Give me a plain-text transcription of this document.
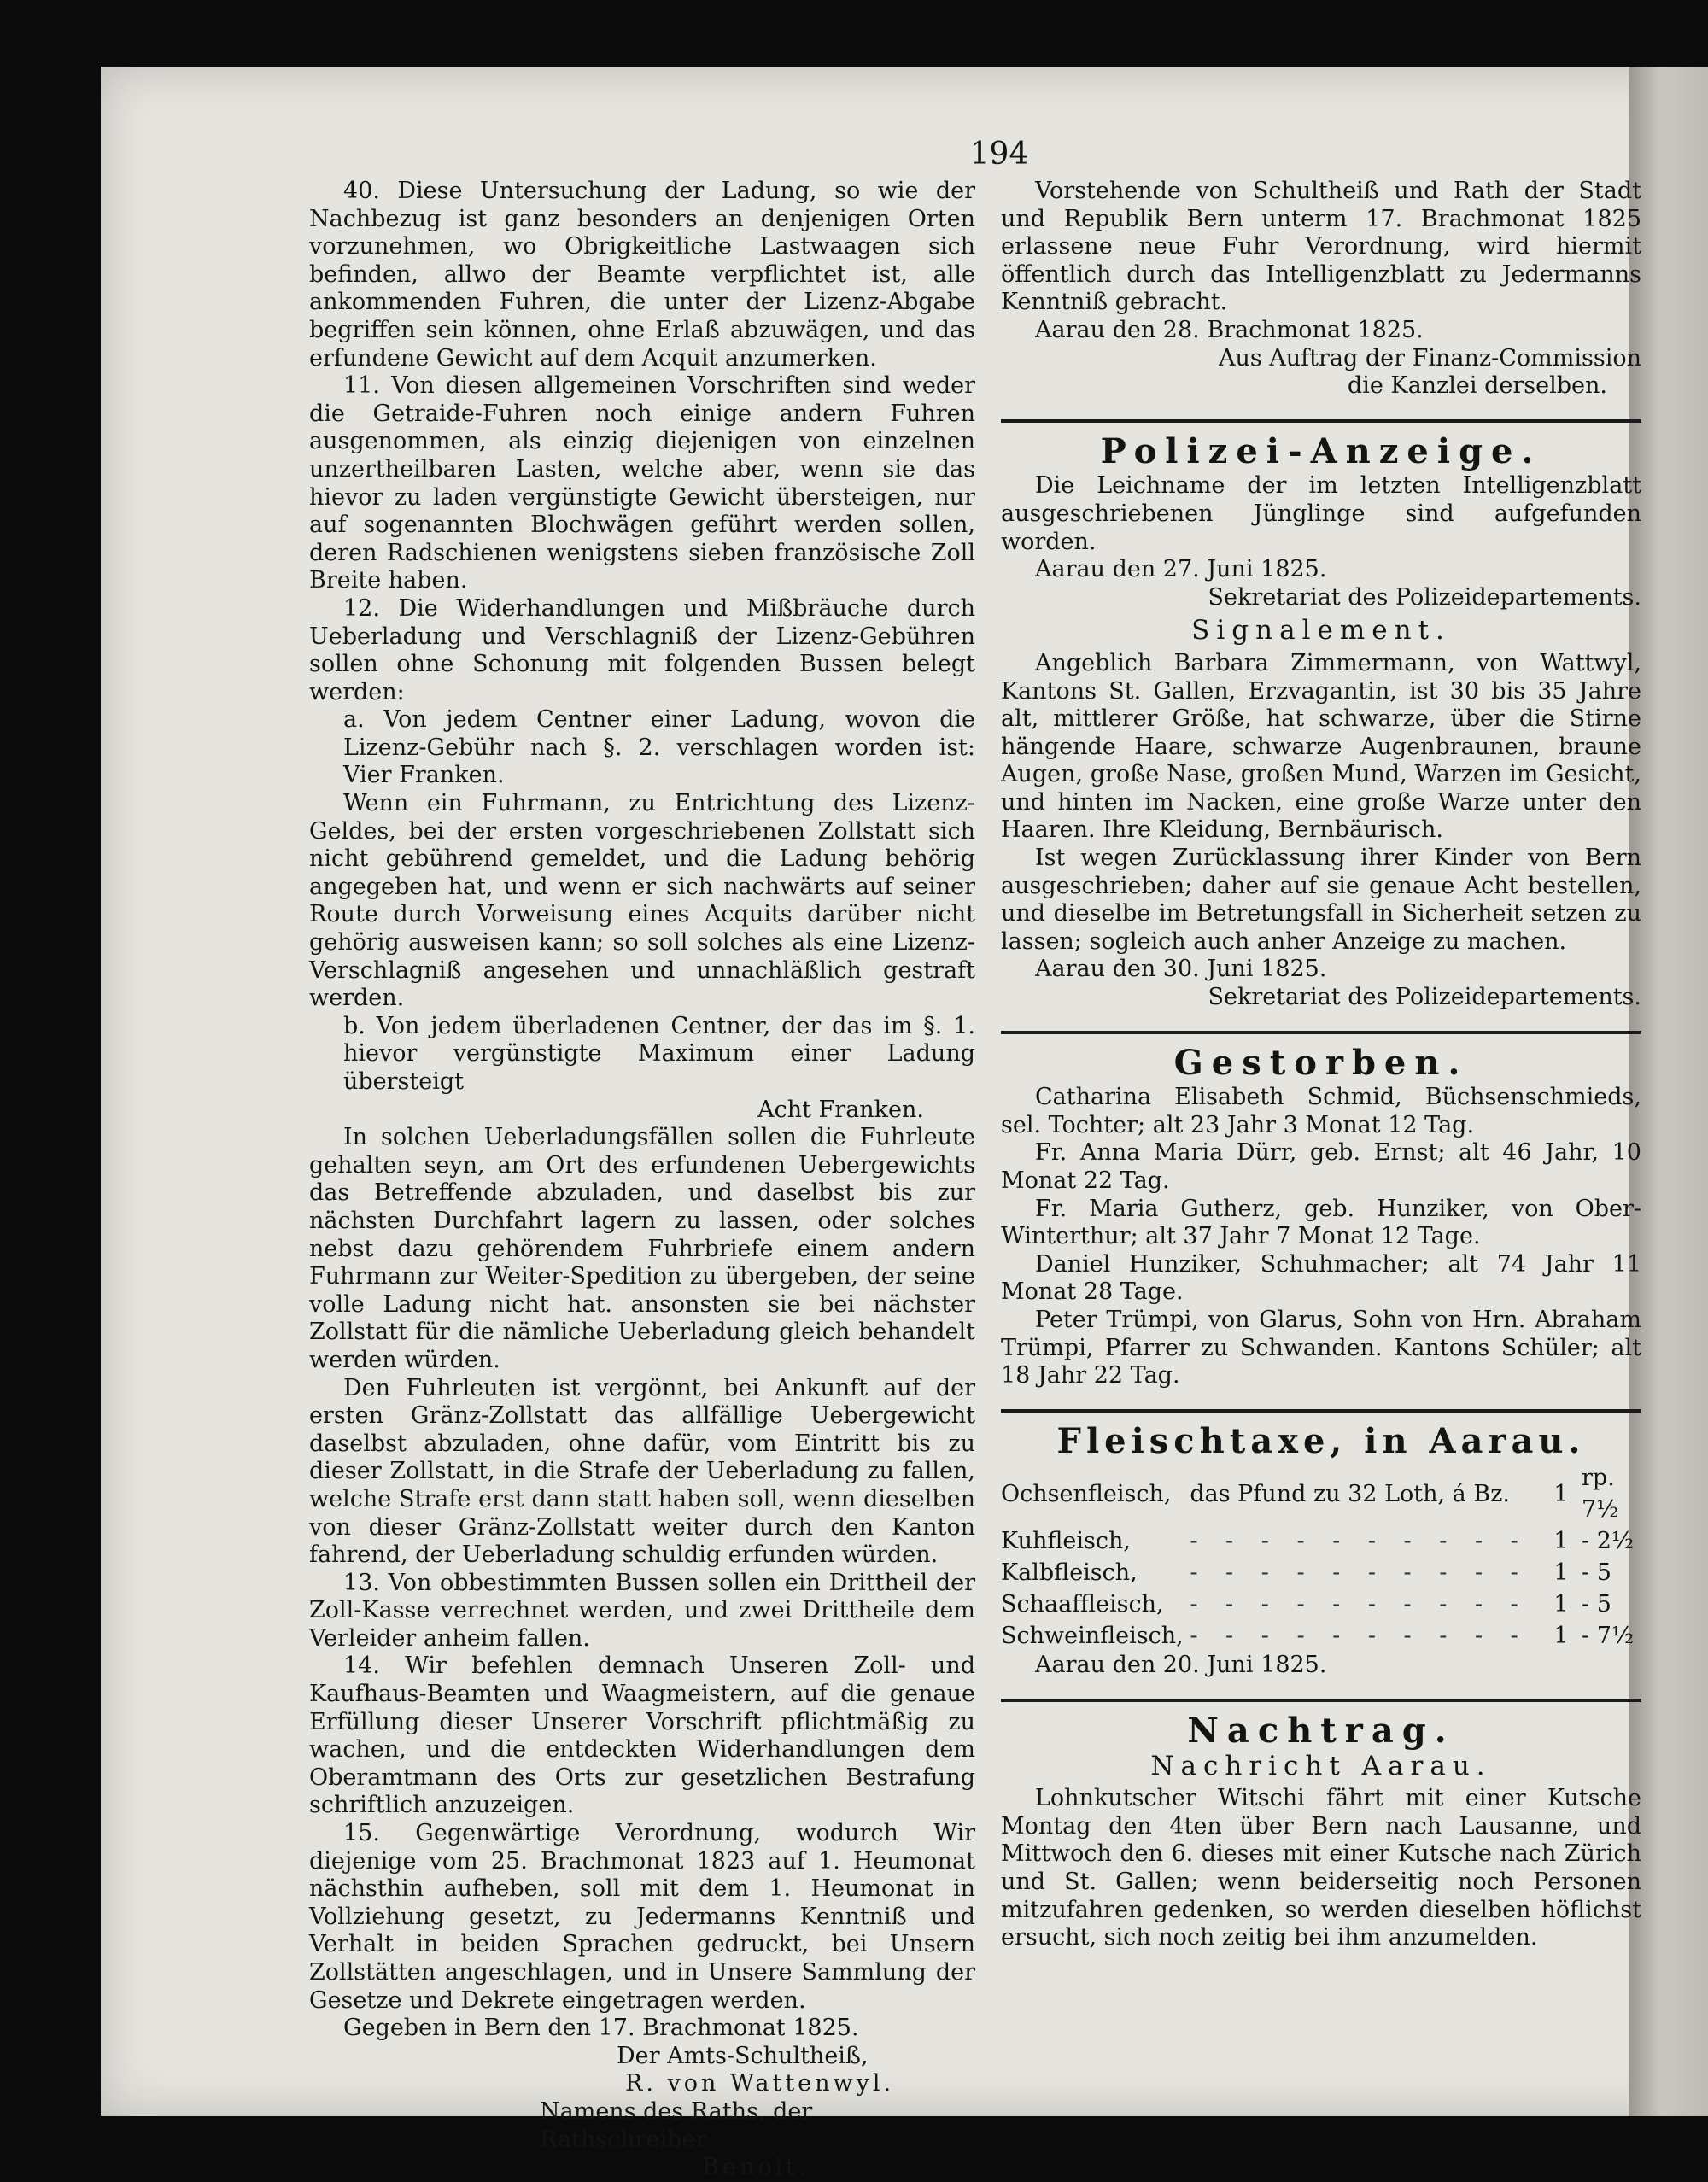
194

40. Diese Untersuchung der Ladung, so wie der Nachbezug ist ganz besonders an denjenigen Orten vorzunehmen, wo Obrigkeitliche Lastwaagen sich befinden, allwo der Beamte verpflichtet ist, alle ankommenden Fuhren, die unter der Lizenz-Abgabe begriffen sein können, ohne Erlaß abzuwägen, und das erfundene Gewicht auf dem Acquit anzumerken.

11. Von diesen allgemeinen Vorschriften sind weder die Getraide-Fuhren noch einige andern Fuhren ausgenommen, als einzig diejenigen von einzelnen unzertheilbaren Lasten, welche aber, wenn sie das hievor zu laden vergünstigte Gewicht übersteigen, nur auf sogenannten Blochwägen geführt werden sollen, deren Radschienen wenigstens sieben französische Zoll Breite haben.

12. Die Widerhandlungen und Mißbräuche durch Ueberladung und Verschlagniß der Lizenz-Gebühren sollen ohne Schonung mit folgenden Bussen belegt werden:

a. Von jedem Centner einer Ladung, wovon die Lizenz-Gebühr nach §. 2. verschlagen worden ist: Vier Franken.

Wenn ein Fuhrmann, zu Entrichtung des Lizenz-Geldes, bei der ersten vorgeschriebenen Zollstatt sich nicht gebührend gemeldet, und die Ladung behörig angegeben hat, und wenn er sich nachwärts auf seiner Route durch Vorweisung eines Acquits darüber nicht gehörig ausweisen kann; so soll solches als eine Lizenz-Verschlagniß angesehen und unnachläßlich gestraft werden.

b. Von jedem überladenen Centner, der das im §. 1. hievor vergünstigte Maximum einer Ladung übersteigt

Acht Franken.

In solchen Ueberladungsfällen sollen die Fuhrleute gehalten seyn, am Ort des erfundenen Uebergewichts das Betreffende abzuladen, und daselbst bis zur nächsten Durchfahrt lagern zu lassen, oder solches nebst dazu gehörendem Fuhrbriefe einem andern Fuhrmann zur Weiter-Spedition zu übergeben, der seine volle Ladung nicht hat. ansonsten sie bei nächster Zollstatt für die nämliche Ueberladung gleich behandelt werden würden.

Den Fuhrleuten ist vergönnt, bei Ankunft auf der ersten Gränz-Zollstatt das allfällige Uebergewicht daselbst abzuladen, ohne dafür, vom Eintritt bis zu dieser Zollstatt, in die Strafe der Ueberladung zu fallen, welche Strafe erst dann statt haben soll, wenn dieselben von dieser Gränz-Zollstatt weiter durch den Kanton fahrend, der Ueberladung schuldig erfunden würden.

13. Von obbestimmten Bussen sollen ein Drittheil der Zoll-Kasse verrechnet werden, und zwei Drittheile dem Verleider anheim fallen.

14. Wir befehlen demnach Unseren Zoll- und Kaufhaus-Beamten und Waagmeistern, auf die genaue Erfüllung dieser Unserer Vorschrift pflichtmäßig zu wachen, und die entdeckten Widerhandlungen dem Oberamtmann des Orts zur gesetzlichen Bestrafung schriftlich anzuzeigen.

15. Gegenwärtige Verordnung, wodurch Wir diejenige vom 25. Brachmonat 1823 auf 1. Heumonat nächsthin aufheben, soll mit dem 1. Heumonat in Vollziehung gesetzt, zu Jedermanns Kenntniß und Verhalt in beiden Sprachen gedruckt, bei Unsern Zollstätten angeschlagen, und in Unsere Sammlung der Gesetze und Dekrete eingetragen werden.

Gegeben in Bern den 17. Brachmonat 1825.

Der Amts-Schultheiß,

R. von Wattenwyl.

Namens des Raths, der Rathschreiber

Benoit.

Vorstehende von Schultheiß und Rath der Stadt und Republik Bern unterm 17. Brachmonat 1825 erlassene neue Fuhr Verordnung, wird hiermit öffentlich durch das Intelligenzblatt zu Jedermanns Kenntniß gebracht.

Aarau den 28. Brachmonat 1825.

Aus Auftrag der Finanz-Commission

die Kanzlei derselben.

Polizei-Anzeige.

Die Leichname der im letzten Intelligenzblatt ausgeschriebenen Jünglinge sind aufgefunden worden.

Aarau den 27. Juni 1825.

Sekretariat des Polizeidepartements.

Signalement.

Angeblich Barbara Zimmermann, von Wattwyl, Kantons St. Gallen, Erzvagantin, ist 30 bis 35 Jahre alt, mittlerer Größe, hat schwarze, über die Stirne hängende Haare, schwarze Augenbraunen, braune Augen, große Nase, großen Mund, Warzen im Gesicht, und hinten im Nacken, eine große Warze unter den Haaren. Ihre Kleidung, Bernbäurisch.

Ist wegen Zurücklassung ihrer Kinder von Bern ausgeschrieben; daher auf sie genaue Acht bestellen, und dieselbe im Betretungsfall in Sicherheit setzen zu lassen; sogleich auch anher Anzeige zu machen.

Aarau den 30. Juni 1825.

Sekretariat des Polizeidepartements.

Gestorben.

Catharina Elisabeth Schmid, Büchsenschmieds, sel. Tochter; alt 23 Jahr 3 Monat 12 Tag.

Fr. Anna Maria Dürr, geb. Ernst; alt 46 Jahr, 10 Monat 22 Tag.

Fr. Maria Gutherz, geb. Hunziker, von Ober-Winterthur; alt 37 Jahr 7 Monat 12 Tage.

Daniel Hunziker, Schuhmacher; alt 74 Jahr 11 Monat 28 Tage.

Peter Trümpi, von Glarus, Sohn von Hrn. Abraham Trümpi, Pfarrer zu Schwanden. Kantons Schüler; alt 18 Jahr 22 Tag.

Fleischtaxe, in Aarau.
Ochsenfleisch,	das Pfund zu 32 Loth, á Bz.	1	rp. 7½
Kuhfleisch,	- - - - - - - - - -	1	- 2½
Kalbfleisch,	- - - - - - - - - -	1	- 5
Schaaffleisch,	- - - - - - - - - -	1	- 5
Schweinfleisch,	- - - - - - - - - -	1	- 7½

Aarau den 20. Juni 1825.

Nachtrag.
Nachricht Aarau.

Lohnkutscher Witschi fährt mit einer Kutsche Montag den 4ten über Bern nach Lausanne, und Mittwoch den 6. dieses mit einer Kutsche nach Zürich und St. Gallen; wenn beiderseitig noch Personen mitzufahren gedenken, so werden dieselben höflichst ersucht, sich noch zeitig bei ihm anzumelden.
